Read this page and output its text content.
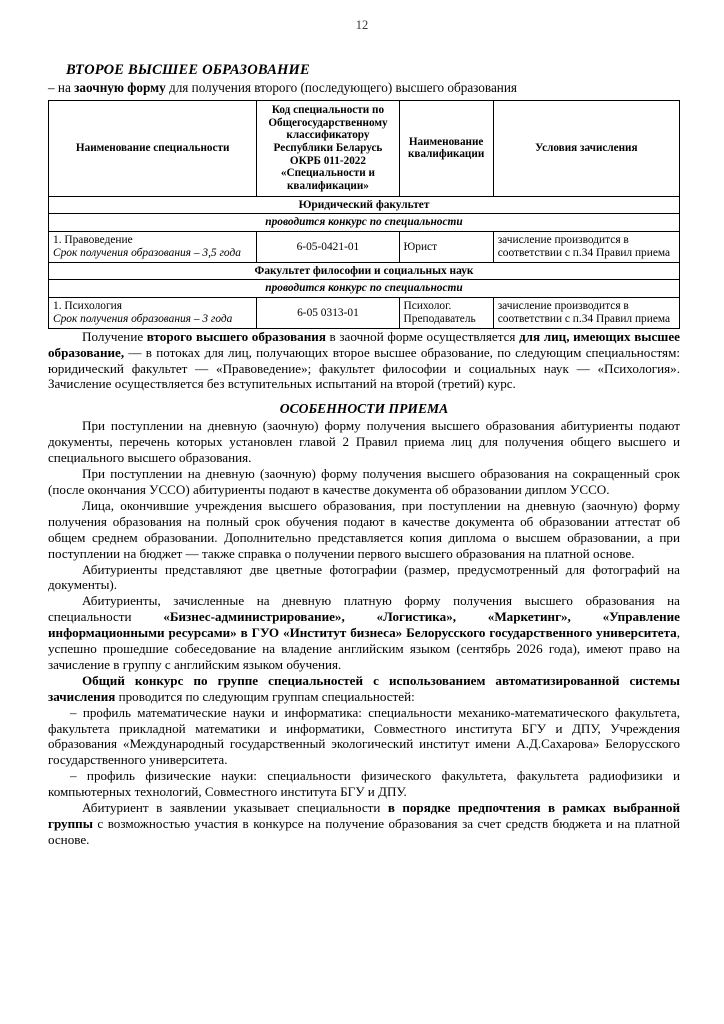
12
ВТОРОЕ ВЫСШЕЕ ОБРАЗОВАНИЕ
– на заочную форму для получения второго (последующего) высшего образования
Наименование специальности	Код специальности по Общегосударственному классификатору Республики Беларусь ОКРБ 011-2022 «Специальности и квалификации»	Наименование квалификации	Условия зачисления
Юридический факультет			
проводится конкурс по специальности			
1. Правоведение
Срок получения образования – 3,5 года	6-05-0421-01	Юрист	зачисление производится в соответствии с п.34 Правил приема
Факультет философии и социальных наук			
проводится конкурс по специальности			
1. Психология
Срок получения образования – 3 года	6-05 0313-01	Психолог. Преподаватель	зачисление производится в соответствии с п.34 Правил приема

Получение второго высшего образования в заочной форме осуществляется для лиц, имеющих высшее образование, — в потоках для лиц, получающих второе высшее образование, по следующим специальностям: юридический факультет — «Правоведение»; факультет философии и социальных наук — «Психология». Зачисление осуществляется без вступительных испытаний на второй (третий) курс.

ОСОБЕННОСТИ ПРИЕМА

При поступлении на дневную (заочную) форму получения высшего образования абитуриенты подают документы, перечень которых установлен главой 2 Правил приема лиц для получения общего высшего и специального высшего образования.

При поступлении на дневную (заочную) форму получения высшего образования на сокращенный срок (после окончания УССО) абитуриенты подают в качестве документа об образовании диплом УССО.

Лица, окончившие учреждения высшего образования, при поступлении на дневную (заочную) форму получения образования на полный срок обучения подают в качестве документа об образовании аттестат об общем среднем образовании. Дополнительно представляется копия диплома о высшем образовании, а при поступлении на бюджет — также справка о получении первого высшего образования на платной основе.

Абитуриенты представляют две цветные фотографии (размер, предусмотренный для фотографий на документы).

Абитуриенты, зачисленные на дневную платную форму получения высшего образования на специальности «Бизнес-администрирование», «Логистика», «Маркетинг», «Управление информационными ресурсами» в ГУО «Институт бизнеса» Белорусского государственного университета, успешно прошедшие собеседование на владение английским языком (сентябрь 2026 года), имеют право на зачисление в группу с английским языком обучения.

Общий конкурс по группе специальностей с использованием автоматизированной системы зачисления проводится по следующим группам специальностей:

– профиль математические науки и информатика: специальности механико-математического факультета, факультета прикладной математики и информатики, Совместного института БГУ и ДПУ, Учреждения образования «Международный государственный экологический институт имени А.Д.Сахарова» Белорусского государственного университета.

– профиль физические науки: специальности физического факультета, факультета радиофизики и компьютерных технологий, Совместного института БГУ и ДПУ.

Абитуриент в заявлении указывает специальности в порядке предпочтения в рамках выбранной группы с возможностью участия в конкурсе на получение образования за счет средств бюджета и на платной основе.
